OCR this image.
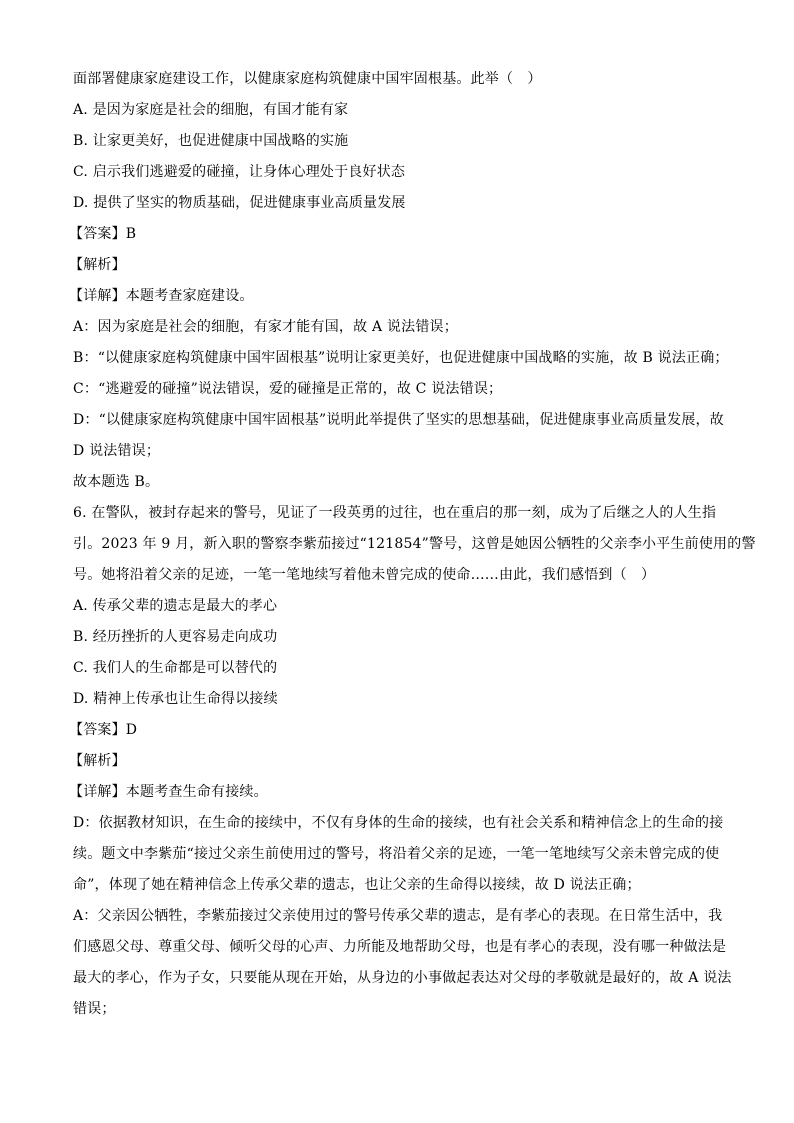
面部署健康家庭建设工作，以健康家庭构筑健康中国牢固根基。此举（　）
A. 是因为家庭是社会的细胞，有国才能有家
B. 让家更美好，也促进健康中国战略的实施
C. 启示我们逃避爱的碰撞，让身体心理处于良好状态
D. 提供了坚实的物质基础，促进健康事业高质量发展
【答案】B
【解析】
【详解】本题考查家庭建设。
A：因为家庭是社会的细胞，有家才能有国，故 A 说法错误；
B：“以健康家庭构筑健康中国牢固根基”说明让家更美好，也促进健康中国战略的实施，故 B 说法正确；
C：“逃避爱的碰撞”说法错误，爱的碰撞是正常的，故 C 说法错误；
D：“以健康家庭构筑健康中国牢固根基”说明此举提供了坚实的思想基础，促进健康事业高质量发展，故
D 说法错误；
故本题选 B。
6. 在警队，被封存起来的警号，见证了一段英勇的过往，也在重启的那一刻，成为了后继之人的人生指
引。2023 年 9 月，新入职的警察李紫茄接过“121854”警号，这曾是她因公牺牲的父亲李小平生前使用的警
号。她将沿着父亲的足迹，一笔一笔地续写着他未曾完成的使命……由此，我们感悟到（　）
A. 传承父辈的遗志是最大的孝心
B. 经历挫折的人更容易走向成功
C. 我们人的生命都是可以替代的
D. 精神上传承也让生命得以接续
【答案】D
【解析】
【详解】本题考查生命有接续。
D：依据教材知识，在生命的接续中，不仅有身体的生命的接续，也有社会关系和精神信念上的生命的接
续。题文中李紫茄“接过父亲生前使用过的警号，将沿着父亲的足迹，一笔一笔地续写父亲未曾完成的使
命”，体现了她在精神信念上传承父辈的遗志，也让父亲的生命得以接续，故 D 说法正确；
A：父亲因公牺牲，李紫茄接过父亲使用过的警号传承父辈的遗志，是有孝心的表现。在日常生活中，我
们感恩父母、尊重父母、倾听父母的心声、力所能及地帮助父母，也是有孝心的表现，没有哪一种做法是
最大的孝心，作为子女，只要能从现在开始，从身边的小事做起表达对父母的孝敬就是最好的，故 A 说法
错误；
